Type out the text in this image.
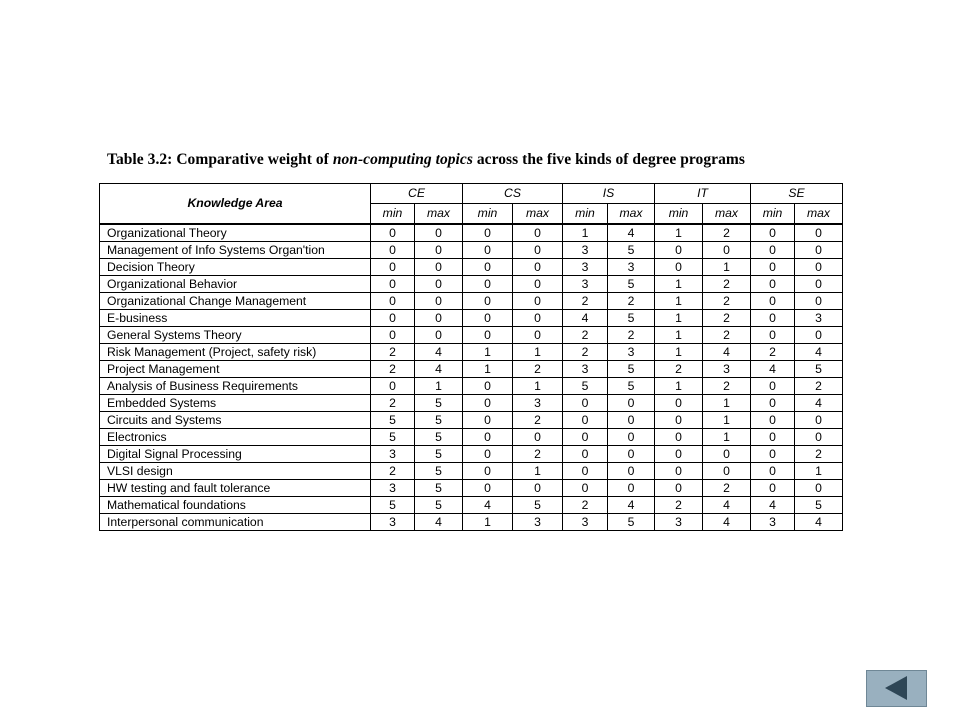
Table 3.2: Comparative weight of non-computing topics across the five kinds of degree programs
Knowledge Area	CE		CS		IS		IT		SE	
	min	max	min	max	min	max	min	max	min	max
Organizational Theory	0	0	0	0	1	4	1	2	0	0
Management of Info Systems Organ'tion	0	0	0	0	3	5	0	0	0	0
Decision Theory	0	0	0	0	3	3	0	1	0	0
Organizational Behavior	0	0	0	0	3	5	1	2	0	0
Organizational Change Management	0	0	0	0	2	2	1	2	0	0
E-business	0	0	0	0	4	5	1	2	0	3
General Systems Theory	0	0	0	0	2	2	1	2	0	0
Risk Management (Project, safety risk)	2	4	1	1	2	3	1	4	2	4
Project Management	2	4	1	2	3	5	2	3	4	5
Analysis of Business Requirements	0	1	0	1	5	5	1	2	0	2
Embedded Systems	2	5	0	3	0	0	0	1	0	4
Circuits and Systems	5	5	0	2	0	0	0	1	0	0
Electronics	5	5	0	0	0	0	0	1	0	0
Digital Signal Processing	3	5	0	2	0	0	0	0	0	2
VLSI design	2	5	0	1	0	0	0	0	0	1
HW testing and fault tolerance	3	5	0	0	0	0	0	2	0	0
Mathematical foundations	5	5	4	5	2	4	2	4	4	5
Interpersonal communication	3	4	1	3	3	5	3	4	3	4
